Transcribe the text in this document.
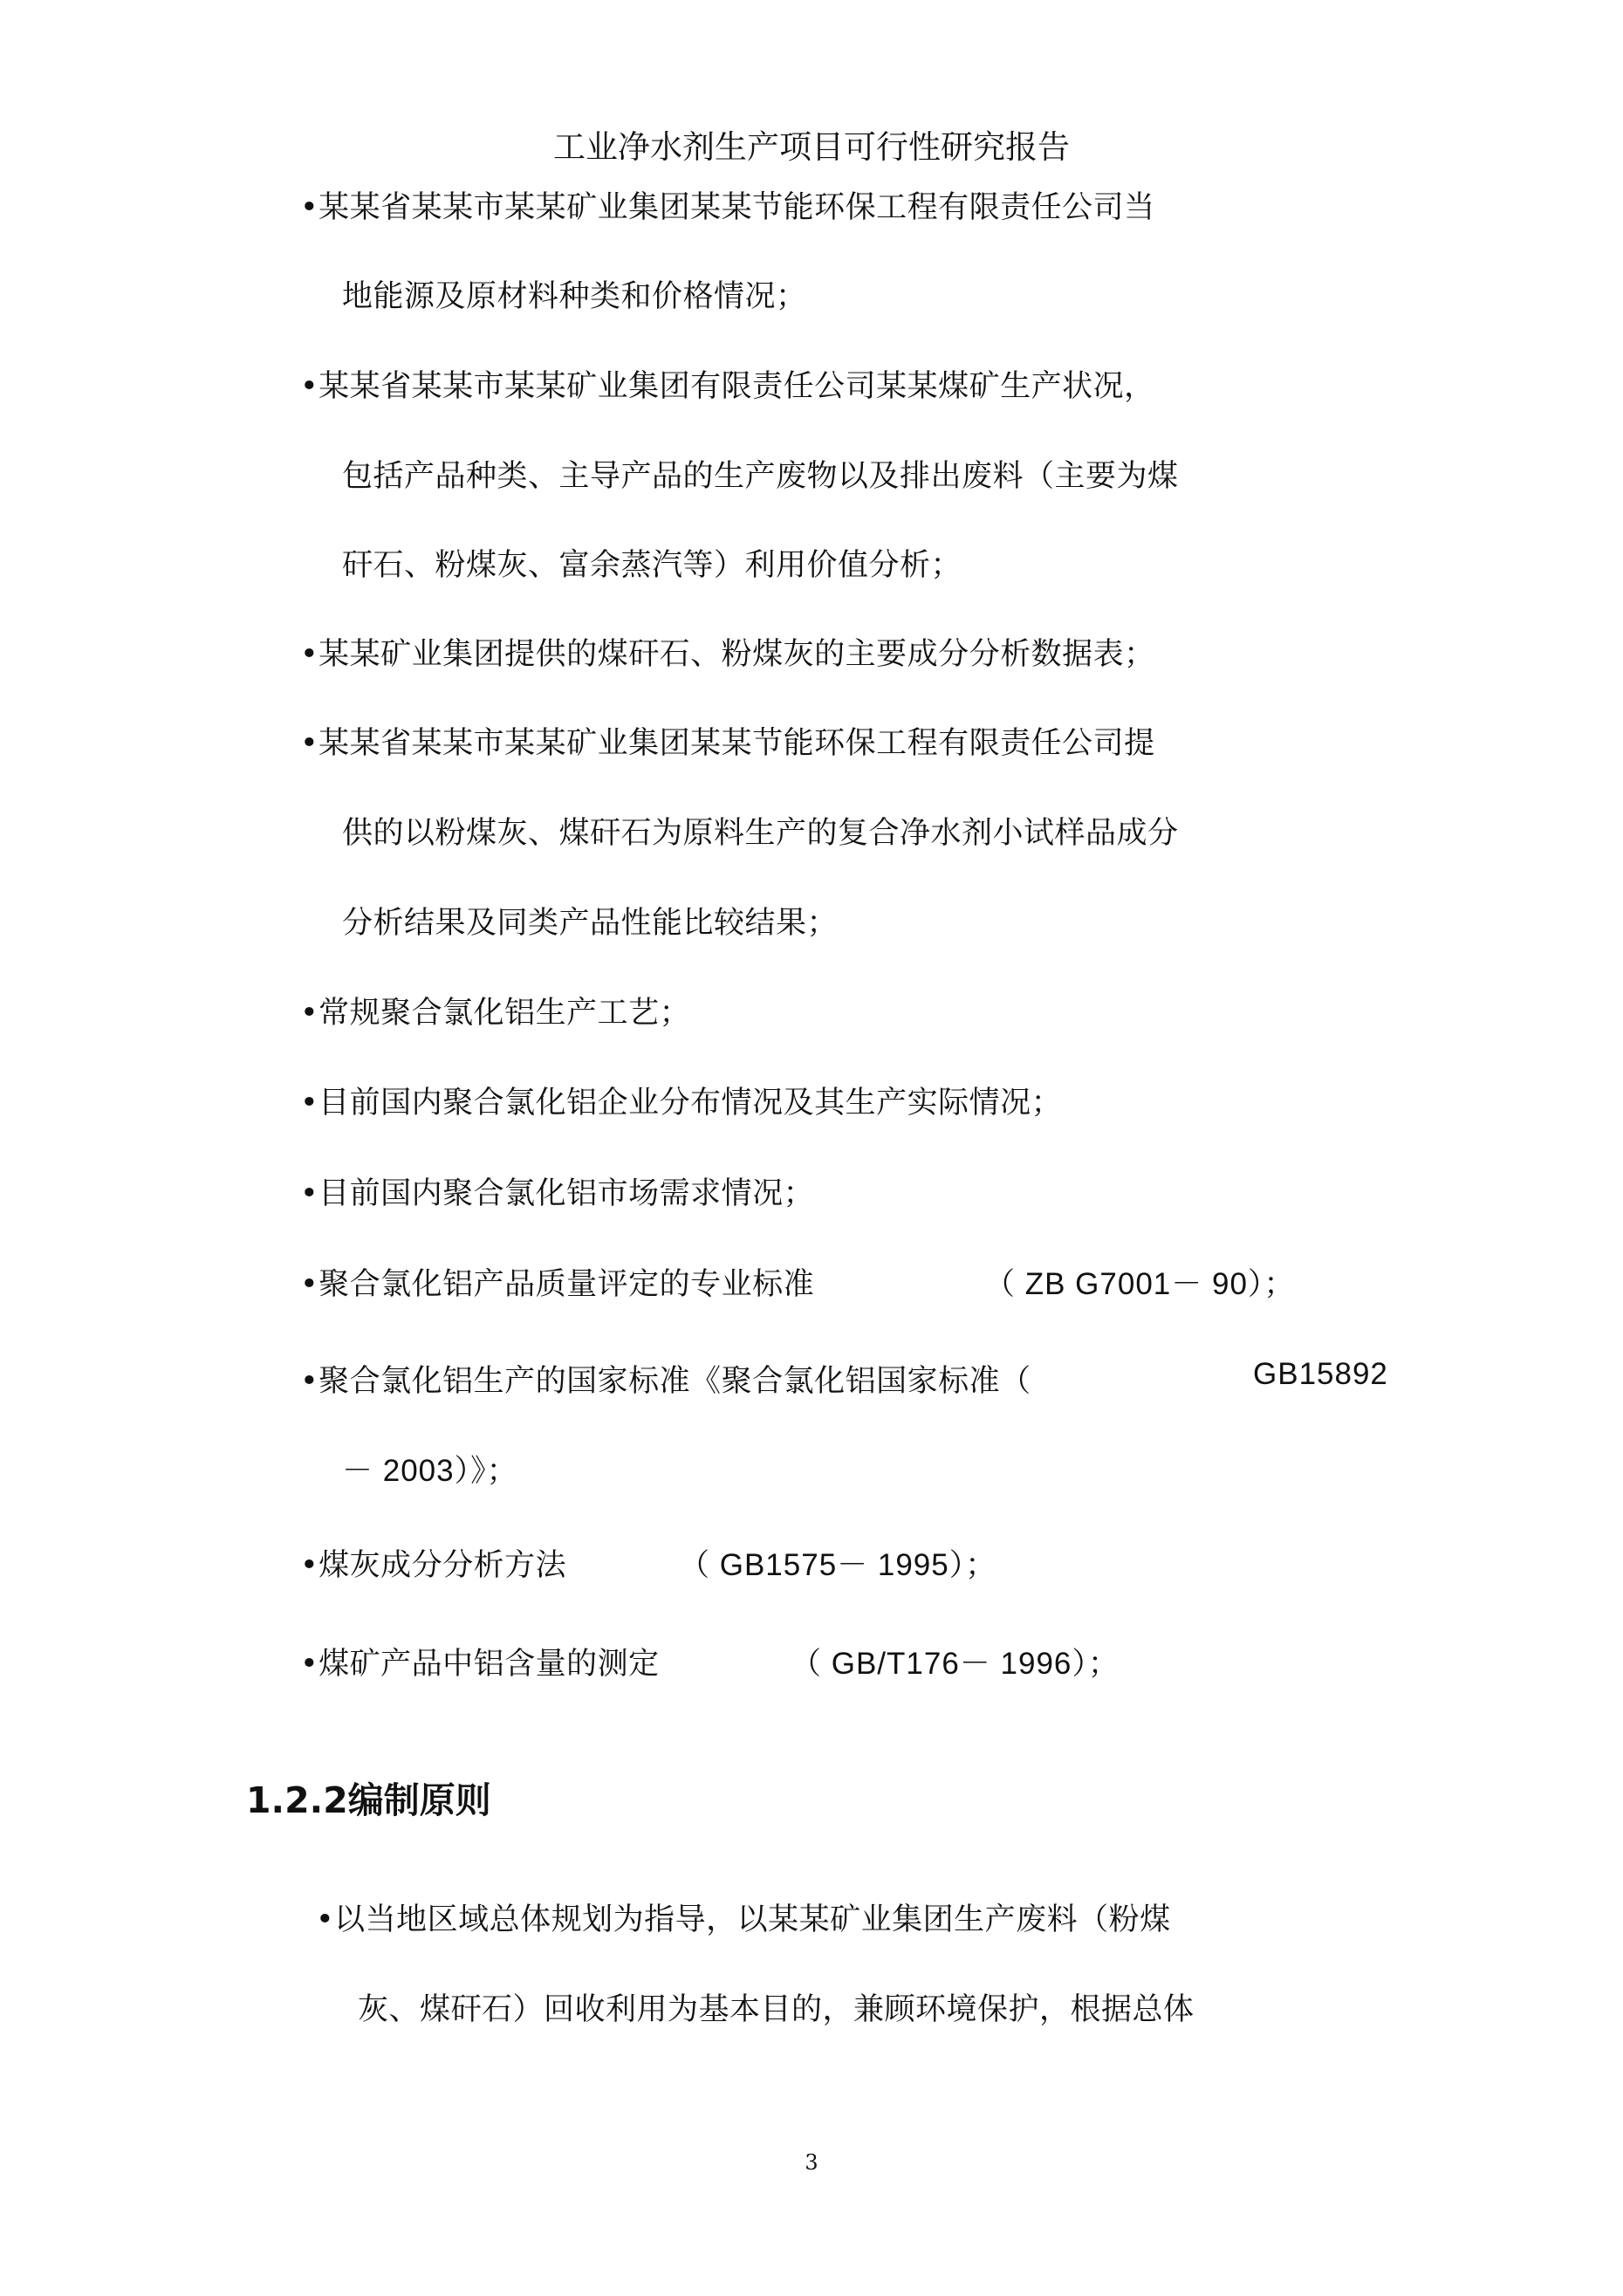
工业净水剂生产项目可行性研究报告
•某某省某某市某某矿业集团某某节能环保工程有限责任公司当
地能源及原材料种类和价格情况；
•某某省某某市某某矿业集团有限责任公司某某煤矿生产状况，
包括产品种类、主导产品的生产废物以及排出废料（主要为煤
矸石、粉煤灰、富余蒸汽等）利用价值分析；
•某某矿业集团提供的煤矸石、粉煤灰的主要成分分析数据表；
•某某省某某市某某矿业集团某某节能环保工程有限责任公司提
供的以粉煤灰、煤矸石为原料生产的复合净水剂小试样品成分
分析结果及同类产品性能比较结果；
•常规聚合氯化铝生产工艺；
•目前国内聚合氯化铝企业分布情况及其生产实际情况；
•目前国内聚合氯化铝市场需求情况；
•聚合氯化铝产品质量评定的专业标准	（ ZB G7001－ 90）；
•聚合氯化铝生产的国家标准《聚合氯化铝国家标准（	GB15892
－ 2003）》；
•煤灰成分分析方法	（ GB1575－ 1995）；
•煤矿产品中铝含量的测定	（ GB/T176－ 1996）；
1.2.2编制原则
•以当地区域总体规划为指导，以某某矿业集团生产废料（粉煤
灰、煤矸石）回收利用为基本目的，兼顾环境保护，根据总体
3
